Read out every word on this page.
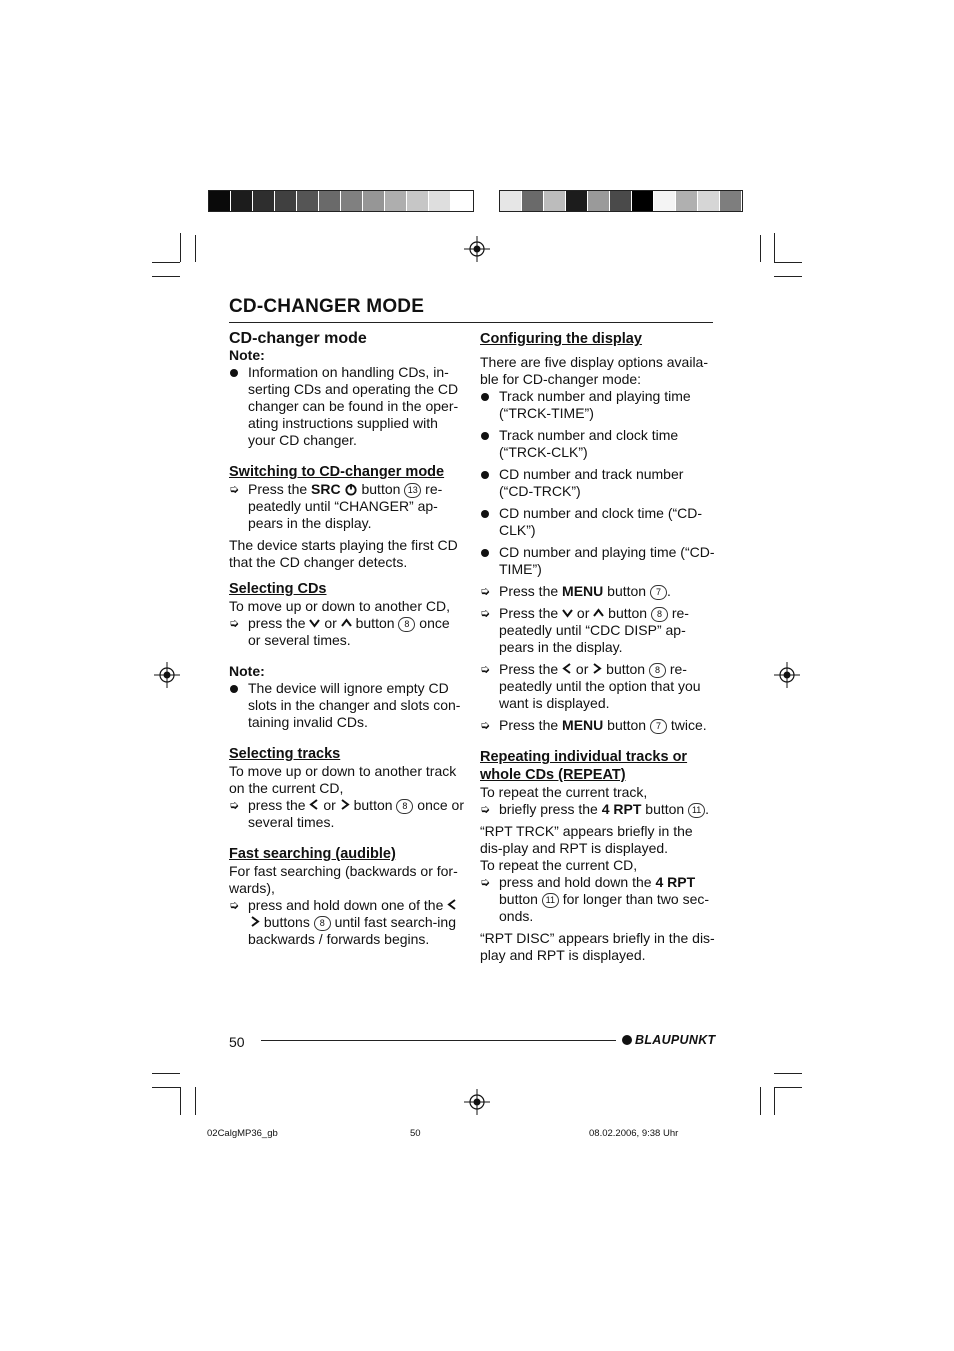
CD-CHANGER MODE

CD-changer mode

Note:

Information on handling CDs, in-serting CDs and operating the CD changer can be found in the oper-ating instructions supplied with your CD changer.

Switching to CD-changer mode

➭ Press the SRC button 13 re-peatedly until “CHANGER” ap-pears in the display.

The device starts playing the first CD that the CD changer detects.

Selecting CDs

To move up or down to another CD,

➭ press the  or  button 8 once or several times.

Note:

The device will ignore empty CD slots in the changer and slots con-taining invalid CDs.

Selecting tracks

To move up or down to another track on the current CD,

➭ press the  or  button 8 once or several times.

Fast searching (audible)

For fast searching (backwards or for-wards),

➭ press and hold down one of the  buttons 8 until fast search-ing backwards / forwards begins.

Configuring the display

There are five display options availa-ble for CD-changer mode:

Track number and playing time (“TRCK-TIME”)
Track number and clock time (“TRCK-CLK”)
CD number and track number (“CD-TRCK”)
CD number and clock time (“CD-CLK”)
CD number and playing time (“CD-TIME”)
➭ Press the MENU button 7 .
➭ Press the  or  button 8 re-peatedly until “CDC DISP” ap-pears in the display.
➭ Press the  or  button 8 re-peatedly until the option that you want is displayed.
➭ Press the MENU button 7 twice.

Repeating individual tracks or whole CDs (REPEAT)

To repeat the current track,

➭ briefly press the 4 RPT button 11 .

“RPT TRCK” appears briefly in the dis-play and RPT is displayed.

To repeat the current CD,

➭ press and hold down the 4 RPT
button 11 for longer than two sec-onds.

“RPT DISC” appears briefly in the dis-play and RPT is displayed.

50	BLAUPUNKT
02CalgMP36_gb	50	08.02.2006, 9:38 Uhr
